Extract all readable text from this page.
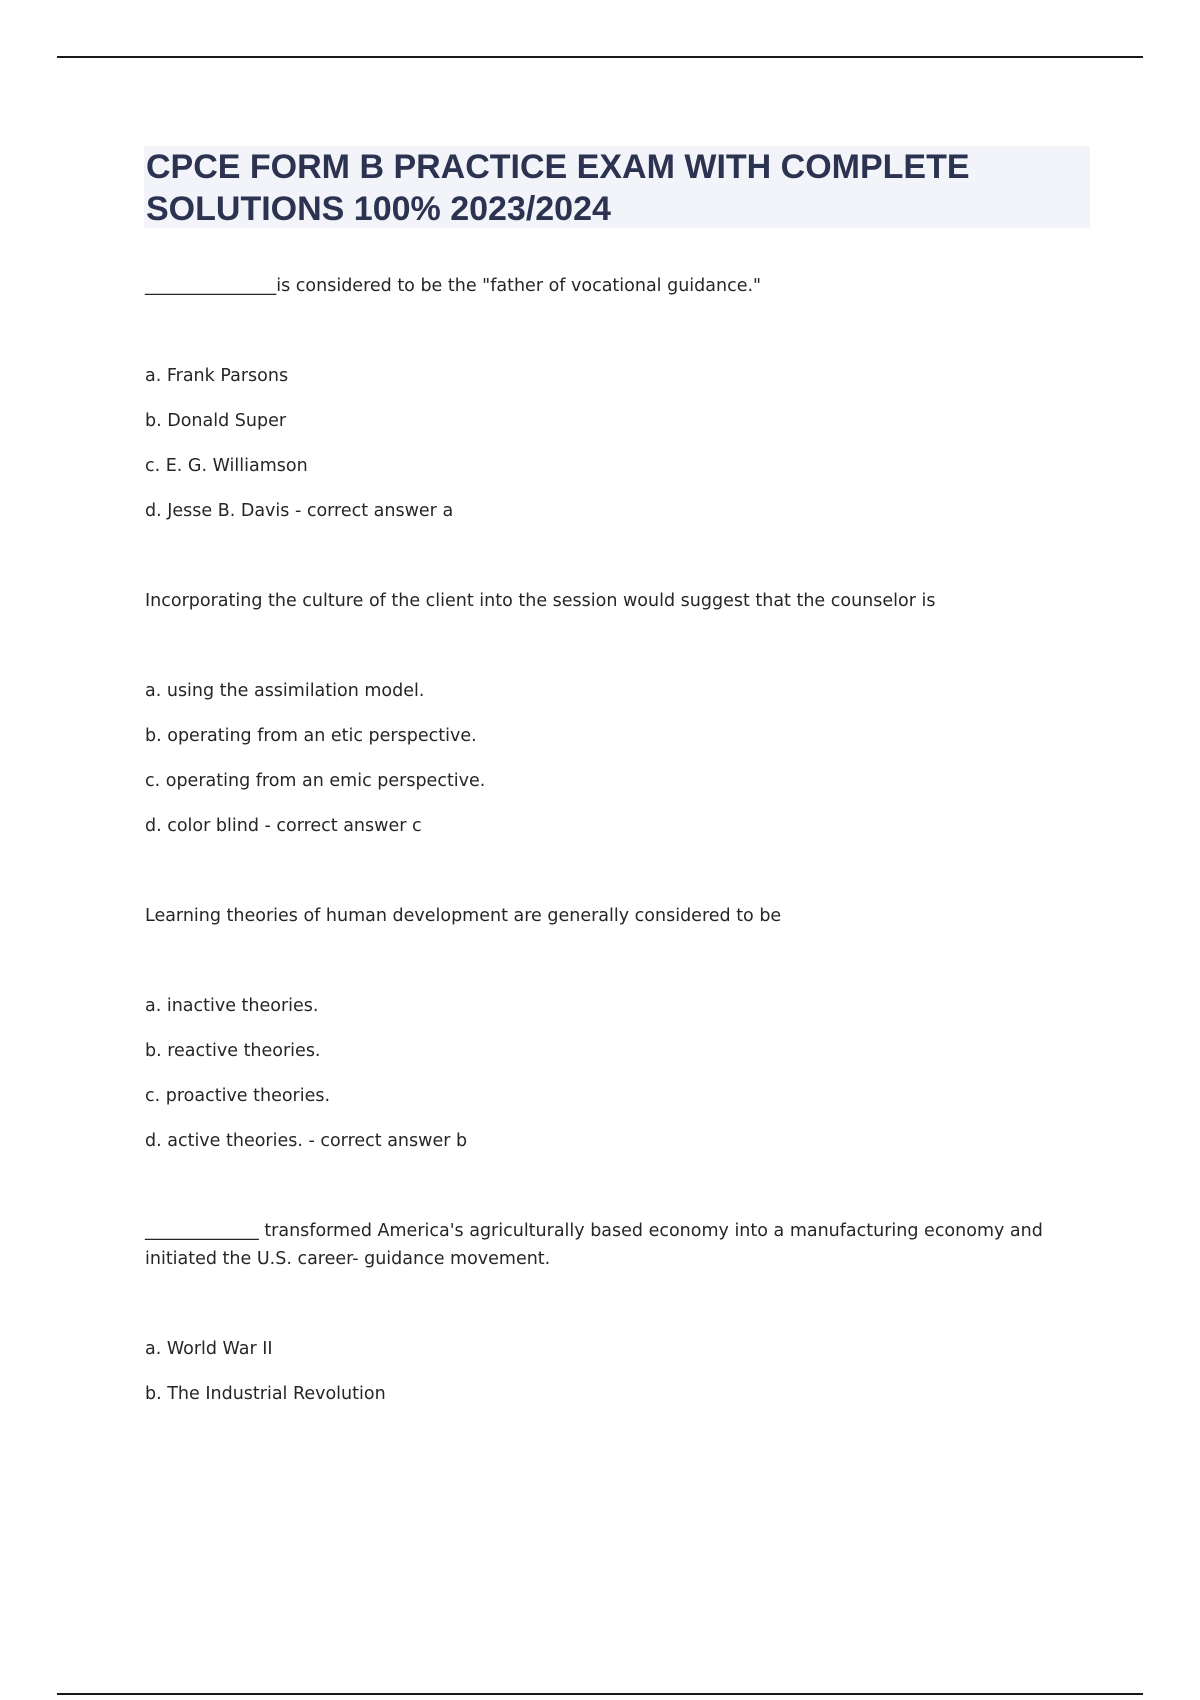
CPCE FORM B PRACTICE EXAM WITH COMPLETE SOLUTIONS 100% 2023/2024

_______________is considered to be the "father of vocational guidance."

a. Frank Parsons
b. Donald Super
c. E. G. Williamson
d. Jesse B. Davis - correct answer a

Incorporating the culture of the client into the session would suggest that the counselor is

a. using the assimilation model.
b. operating from an etic perspective.
c. operating from an emic perspective.
d. color blind - correct answer c

Learning theories of human development are generally considered to be

a. inactive theories.
b. reactive theories.
c. proactive theories.
d. active theories. - correct answer b

_____________ transformed America's agriculturally based economy into a manufacturing economy and initiated the U.S. career- guidance movement.

a. World War II
b. The Industrial Revolution
